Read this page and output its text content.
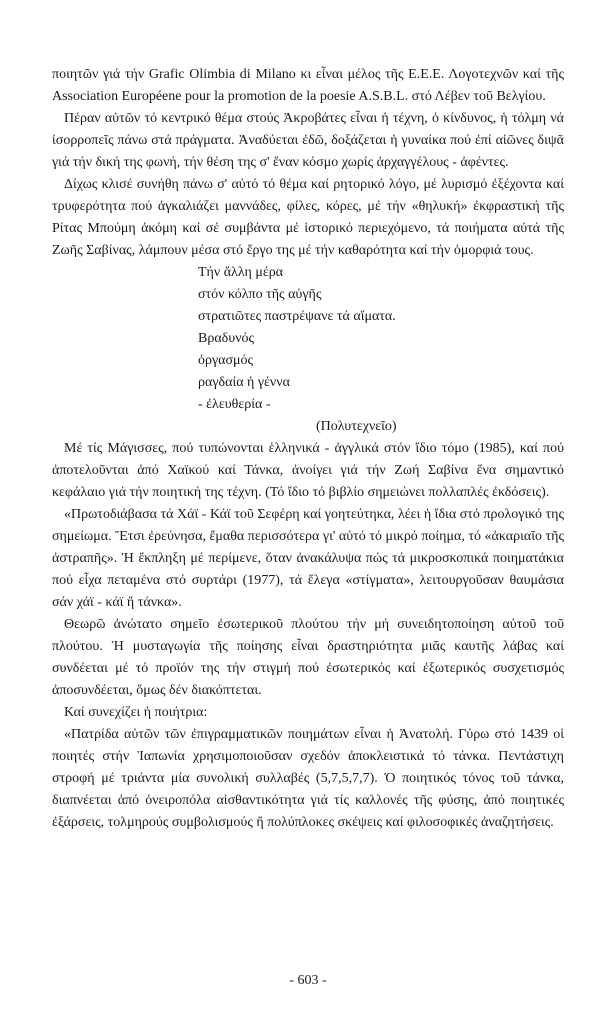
ποιητῶν γιά τήν Grafic Olimbia di Milano κι εἶναι μέλος τῆς Ε.Ε.Ε. Λογοτεχνῶν καί τῆς Association Européene pour la promotion de la poesie A.S.B.L. στό Λέβεν τοῦ Βελγίου.

Πέραν αὐτῶν τό κεντρικό θέμα στούς Ἀκροβάτες εἶναι ἡ τέχνη, ὁ κίνδυνος, ἡ τόλμη νά ἰσορροπεῖς πάνω στά πράγματα. Ἀναδύεται ἐδῶ, δοξάζεται ἡ γυναίκα πού ἐπί αἰῶνες διψᾶ γιά τήν δική της φωνή, τήν θέση της σ' ἕναν κόσμο χωρίς ἀρχαγγέλους - ἀφέντες.

Δίχως κλισέ συνήθη πάνω σ' αὐτό τό θέμα καί ρητορικό λόγο, μέ λυρισμό ἐξέχοντα καί τρυφερότητα πού ἀγκαλιάζει μαννάδες, φίλες, κόρες, μέ τήν «θηλυκή» ἐκφραστική τῆς Ρίτας Μπούμη ἀκόμη καί σέ συμβάντα μέ ἱστορικό περιεχόμενο, τά ποιήματα αὐτά τῆς Ζωῆς Σαβίνας, λάμπουν μέσα στό ἔργο της μέ τήν καθαρότητα καί τήν ὀμορφιά τους.

Τήν ἄλλη μέρα
στόν κόλπο τῆς αὐγῆς
στρατιῶτες παστρέψανε τά αἵματα.
Βραδυνός
ὀργασμός
ραγδαία ἡ γέννα
- ἐλευθερία -
(Πολυτεχνεῖο)

Μέ τίς Μάγισσες, πού τυπώνονται ἑλληνικά - ἀγγλικά στόν ἴδιο τόμο (1985), καί πού ἀποτελοῦνται ἀπό Χαϊκού καί Τάνκα, ἀνοίγει γιά τήν Ζωή Σαβίνα ἕνα σημαντικό κεφάλαιο γιά τήν ποιητική της τέχνη. (Τό ἴδιο τό βιβλίο σημειώνει πολλαπλές ἐκδόσεις).

«Πρωτοδιάβασα τά Χάϊ - Κάϊ τοῦ Σεφέρη καί γοητεύτηκα, λέει ἡ ἴδια στό προλογικό της σημείωμα. Ἔτσι ἐρεύνησα, ἔμαθα περισσότερα γι' αὐτό τό μικρό ποίημα, τό «ἀκαριαῖο τῆς ἀστραπῆς». Ἡ ἔκπληξη μέ περίμενε, ὅταν ἀνακάλυψα πώς τά μικροσκοπικά ποιηματάκια πού εἶχα πεταμένα στό συρτάρι (1977), τά ἔλεγα «στίγματα», λειτουργοῦσαν θαυμάσια σάν χάϊ - κάϊ ἤ τάνκα».

Θεωρῶ ἀνώτατο σημεῖο ἐσωτερικοῦ πλούτου τήν μή συνειδητοποίηση αὐτοῦ τοῦ πλούτου. Ἡ μυσταγωγία τῆς ποίησης εἶναι δραστηριότητα μιᾶς καυτῆς λάβας καί συνδέεται μέ τό προϊόν της τήν στιγμή πού ἐσωτερικός καί ἐξωτερικός συσχετισμός ἀποσυνδέεται, ὅμως δέν διακόπτεται.

Καί συνεχίζει ἡ ποιήτρια:

«Πατρίδα αὐτῶν τῶν ἐπιγραμματικῶν ποιημάτων εἶναι ἡ Ἀνατολή. Γύρω στό 1439 οἱ ποιητές στήν Ἰαπωνία χρησιμοποιοῦσαν σχεδόν ἀποκλειστικά τό τάνκα. Πεντάστιχη στροφή μέ τριάντα μία συνολική συλλαβές (5,7,5,7,7). Ὁ ποιητικός τόνος τοῦ τάνκα, διαπνέεται ἀπό ὀνειροπόλα αἰσθαντικότητα γιά τίς καλλονές τῆς φύσης, ἀπό ποιητικές ἐξάρσεις, τολμηρούς συμβολισμούς ἤ πολύπλοκες σκέψεις καί φιλοσοφικές ἀναζητήσεις.

- 603 -
